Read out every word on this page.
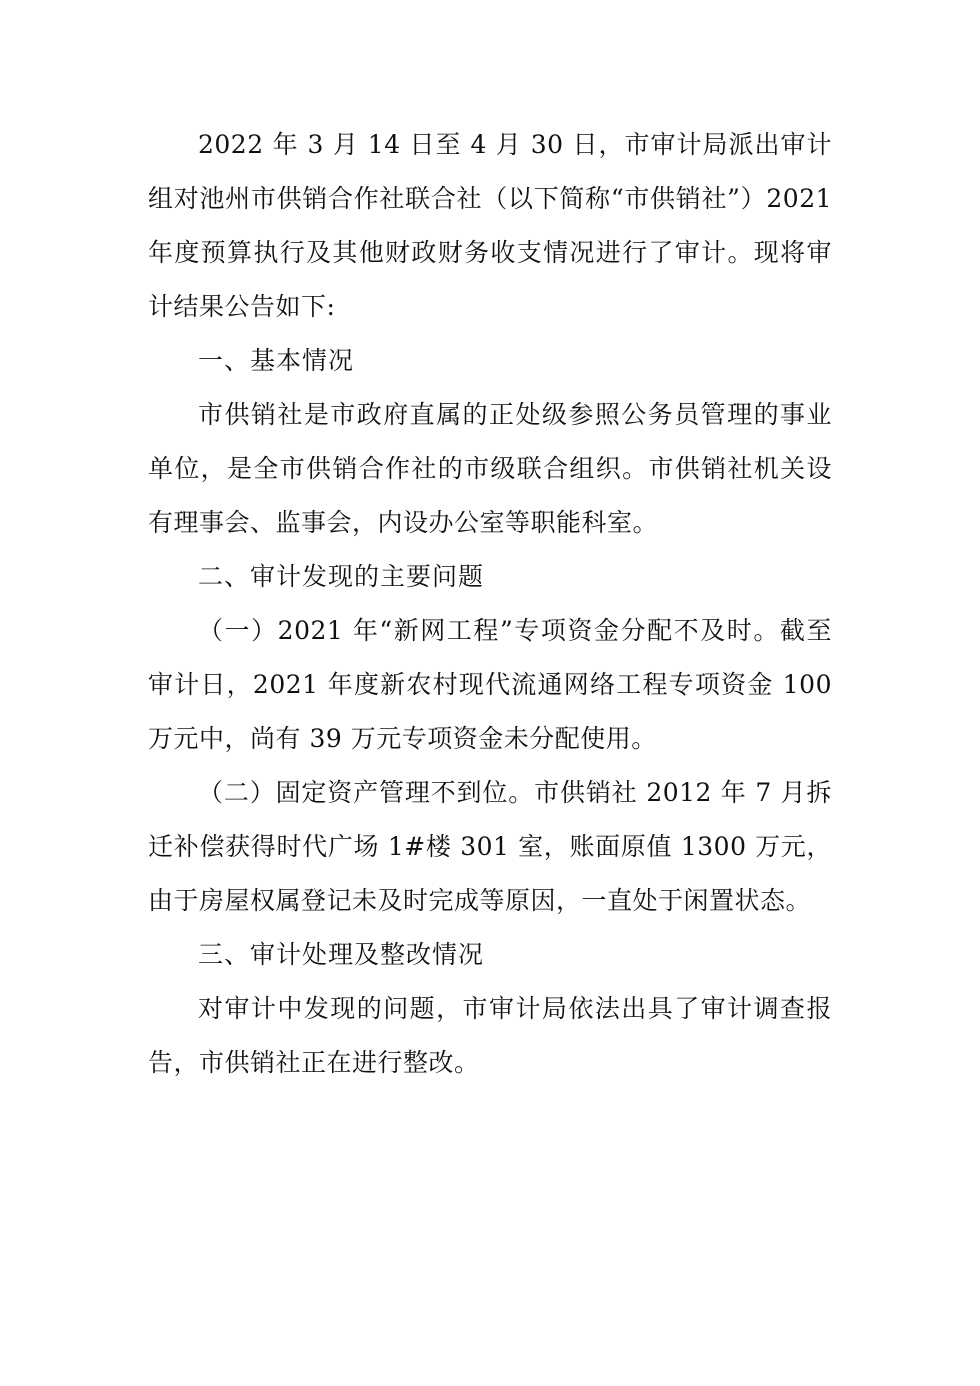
2022 年 3 月 14 日至 4 月 30 日，市审计局派出审计组对池州市供销合作社联合社（以下简称“市供销社”）2021 年度预算执行及其他财政财务收支情况进行了审计。现将审计结果公告如下:

一、基本情况

市供销社是市政府直属的正处级参照公务员管理的事业单位，是全市供销合作社的市级联合组织。市供销社机关设有理事会、监事会，内设办公室等职能科室。

二、审计发现的主要问题

（一）2021 年“新网工程”专项资金分配不及时。截至审计日，2021 年度新农村现代流通网络工程专项资金 100 万元中，尚有 39 万元专项资金未分配使用。

（二）固定资产管理不到位。市供销社 2012 年 7 月拆迁补偿获得时代广场 1#楼 301 室，账面原值 1300 万元，由于房屋权属登记未及时完成等原因，一直处于闲置状态。

三、审计处理及整改情况

对审计中发现的问题，市审计局依法出具了审计调查报告，市供销社正在进行整改。
